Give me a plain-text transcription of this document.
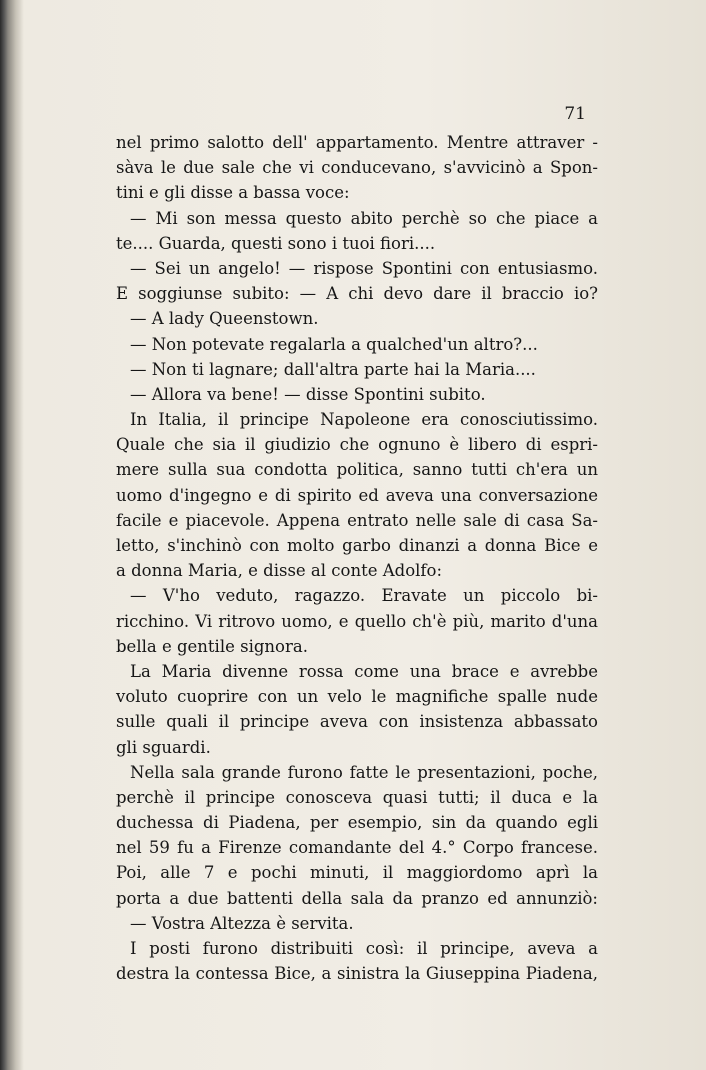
71
nel primo salotto dell' appartamento. Mentre attraver -
sàva le due sale che vi conducevano, s'avvicinò a Spon-
tini e gli disse a bassa voce:
— Mi son messa questo abito perchè so che piace a
te.... Guarda, questi sono i tuoi fiori....
— Sei un angelo! — rispose Spontini con entusiasmo.
E soggiunse subito: — A chi devo dare il braccio io?
— A lady Queenstown.
— Non potevate regalarla a qualched'un altro?...
— Non ti lagnare; dall'altra parte hai la Maria....
— Allora va bene! — disse Spontini subito.
In Italia, il principe Napoleone era conosciutissimo.
Quale che sia il giudizio che ognuno è libero di espri-
mere sulla sua condotta politica, sanno tutti ch'era un
uomo d'ingegno e di spirito ed aveva una conversazione
facile e piacevole. Appena entrato nelle sale di casa Sa-
letto, s'inchinò con molto garbo dinanzi a donna Bice e
a donna Maria, e disse al conte Adolfo:
— V'ho veduto, ragazzo. Eravate un piccolo bi-
ricchino. Vi ritrovo uomo, e quello ch'è più, marito d'una
bella e gentile signora.
La Maria divenne rossa come una brace e avrebbe
voluto cuoprire con un velo le magnifiche spalle nude
sulle quali il principe aveva con insistenza abbassato
gli sguardi.
Nella sala grande furono fatte le presentazioni, poche,
perchè il principe conosceva quasi tutti; il duca e la
duchessa di Piadena, per esempio, sin da quando egli
nel 59 fu a Firenze comandante del 4.° Corpo francese.
Poi, alle 7 e pochi minuti, il maggiordomo aprì la
porta a due battenti della sala da pranzo ed annunziò:
— Vostra Altezza è servita.
I posti furono distribuiti così: il principe, aveva a
destra la contessa Bice, a sinistra la Giuseppina Piadena,
